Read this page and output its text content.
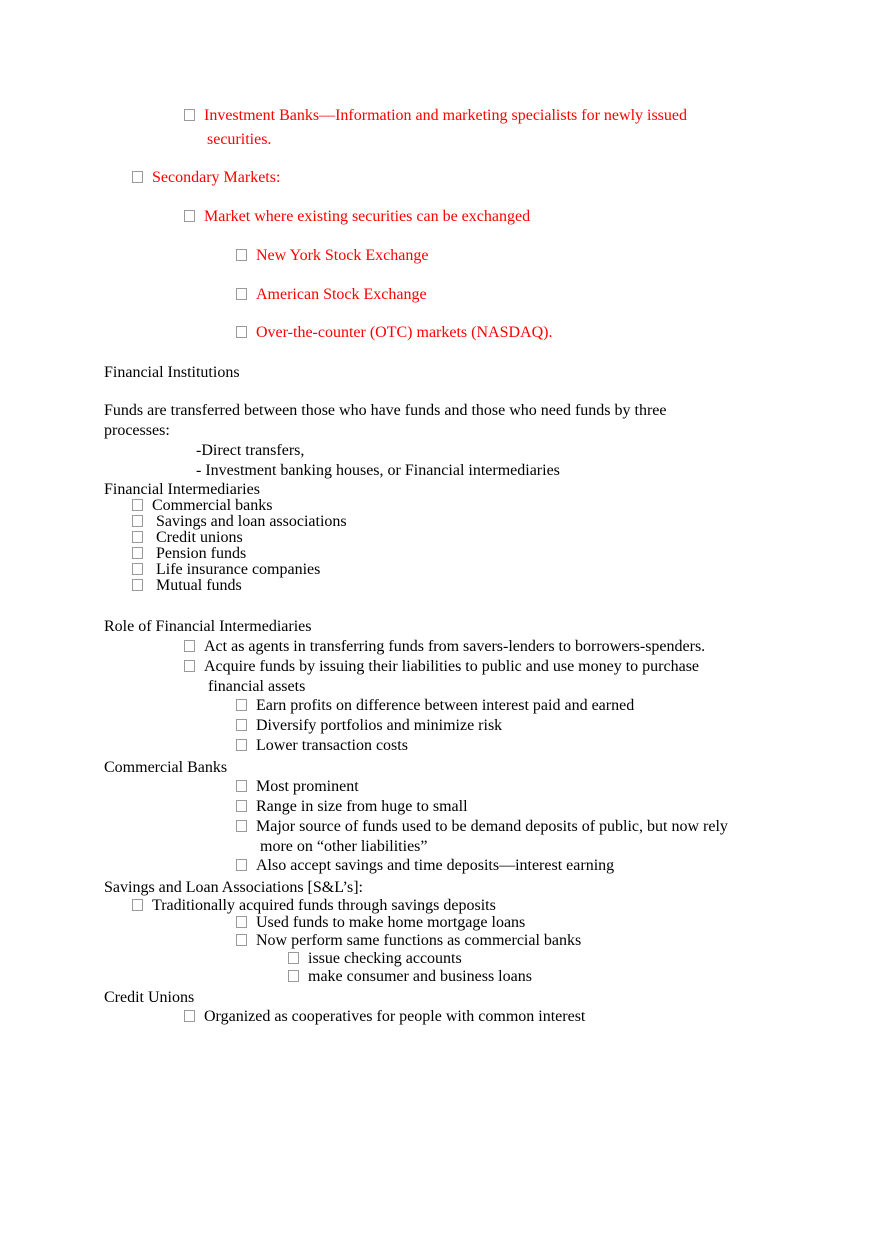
Investment Banks—Information and marketing specialists for newly issued
securities.
Secondary Markets:
Market where existing securities can be exchanged
New York Stock Exchange
American Stock Exchange
Over-the-counter (OTC) markets (NASDAQ).
Financial Institutions
Funds are transferred between those who have funds and those who need funds by three
processes:
-Direct transfers,
- Investment banking houses, or Financial intermediaries
Financial Intermediaries
Commercial banks
Savings and loan associations
Credit unions
Pension funds
Life insurance companies
Mutual funds
Role of Financial Intermediaries
Act as agents in transferring funds from savers-lenders to borrowers-spenders.
Acquire funds by issuing their liabilities to public and use money to purchase
financial assets
Earn profits on difference between interest paid and earned
Diversify portfolios and minimize risk
Lower transaction costs
Commercial Banks
Most prominent
Range in size from huge to small
Major source of funds used to be demand deposits of public, but now rely
more on “other liabilities”
Also accept savings and time deposits—interest earning
Savings and Loan Associations [S&L’s]:
Traditionally acquired funds through savings deposits
Used funds to make home mortgage loans
Now perform same functions as commercial banks
issue checking accounts
make consumer and business loans
Credit Unions
Organized as cooperatives for people with common interest
